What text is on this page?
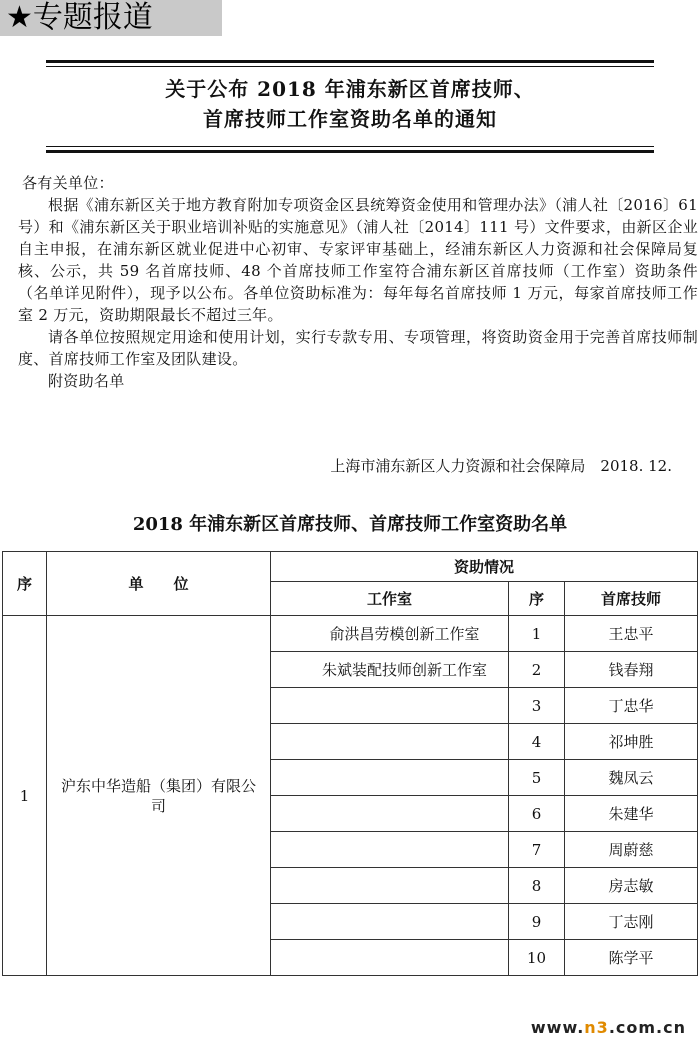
★专题报道
关于公布 2018 年浦东新区首席技师、
首席技师工作室资助名单的通知

各有关单位：

根据《浦东新区关于地方教育附加专项资金区县统筹资金使用和管理办法》（浦人社〔2016〕61 号）和《浦东新区关于职业培训补贴的实施意见》（浦人社〔2014〕111 号）文件要求，由新区企业自主申报，在浦东新区就业促进中心初审、专家评审基础上，经浦东新区人力资源和社会保障局复核、公示，共 59 名首席技师、48 个首席技师工作室符合浦东新区首席技师（工作室）资助条件（名单详见附件），现予以公布。各单位资助标准为：每年每名首席技师 1 万元，每家首席技师工作室 2 万元，资助期限最长不超过三年。

请各单位按照规定用途和使用计划，实行专款专用、专项管理，将资助资金用于完善首席技师制度、首席技师工作室及团队建设。

附资助名单

上海市浦东新区人力资源和社会保障局　2018. 12.
2018 年浦东新区首席技师、首席技师工作室资助名单
序	单　　位	资助情况		
		工作室	序	首席技师
1	沪东中华造船（集团）有限公司	俞洪昌劳模创新工作室	1	王忠平
		朱斌装配技师创新工作室	2	钱春翔
			3	丁忠华
			4	祁坤胜
			5	魏凤云
			6	朱建华
			7	周蔚慈
			8	房志敏
			9	丁志刚
			10	陈学平
www.n3.com.cn
